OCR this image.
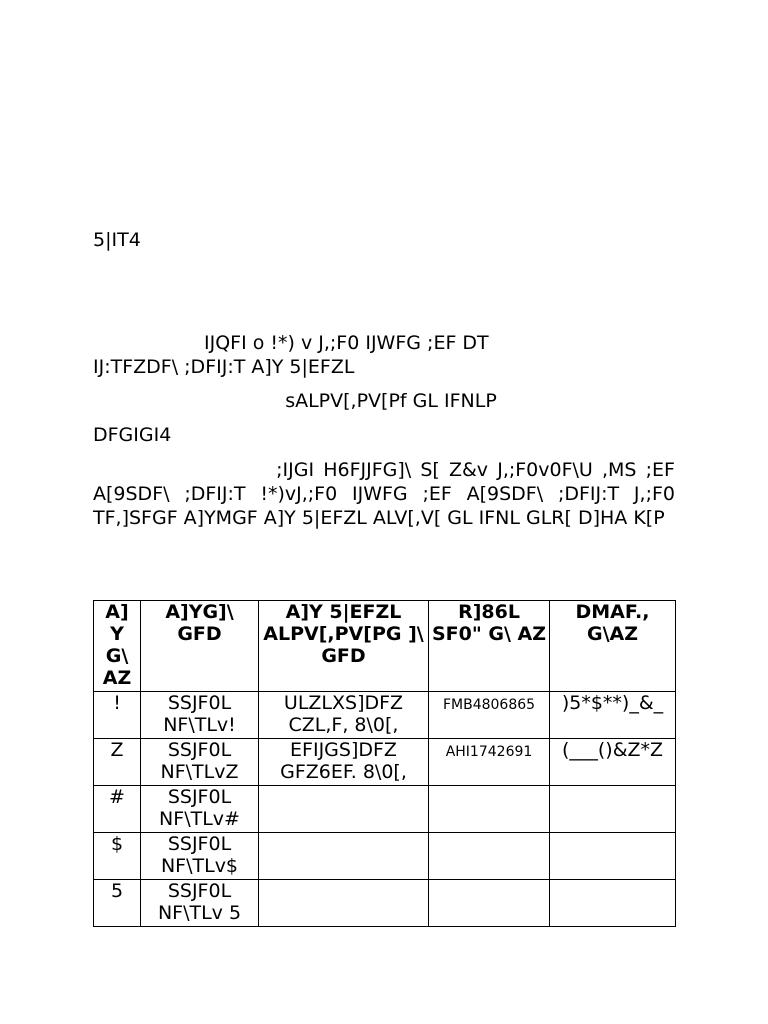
5|IT4
IJQFI o !*) v J,;F0 IJWFG ;EF DT
IJ:TFZDF\ ;DFIJ:T A]Y 5|EFZL
sALPV[,PV[Pf GL IFNLP
DFGIGI4
;IJGI H6FJJFG]\ S[ Z&v J,;F0v0F\U ,MS ;EF A[9SDF\ ;DFIJ:T !*)vJ,;F0 IJWFG ;EF A[9SDF\ ;DFIJ:T J,;F0 TF,]SFGF A]YMGF A]Y 5|EFZL ALV[,V[ GL IFNL GLR[ D]HA K[P
A] Y G\ AZ	A]YG]\ GFD	A]Y 5|EFZL ALPV[,PV[PG ]\ GFD	R]86L SF0" G\ AZ	DMAF., G\AZ
!	SSJF0L NF\TLv!	ULZLXS]DFZ CZL,F, 8\0[,	FMB4806865	)5*$**)_&_
Z	SSJF0L NF\TLvZ	EFIJGS]DFZ GFZ6EF. 8\0[,	AHI1742691	(___()&Z*Z
#	SSJF0L NF\TLv#			
$	SSJF0L NF\TLv$			
5	SSJF0L NF\TLv 5			
